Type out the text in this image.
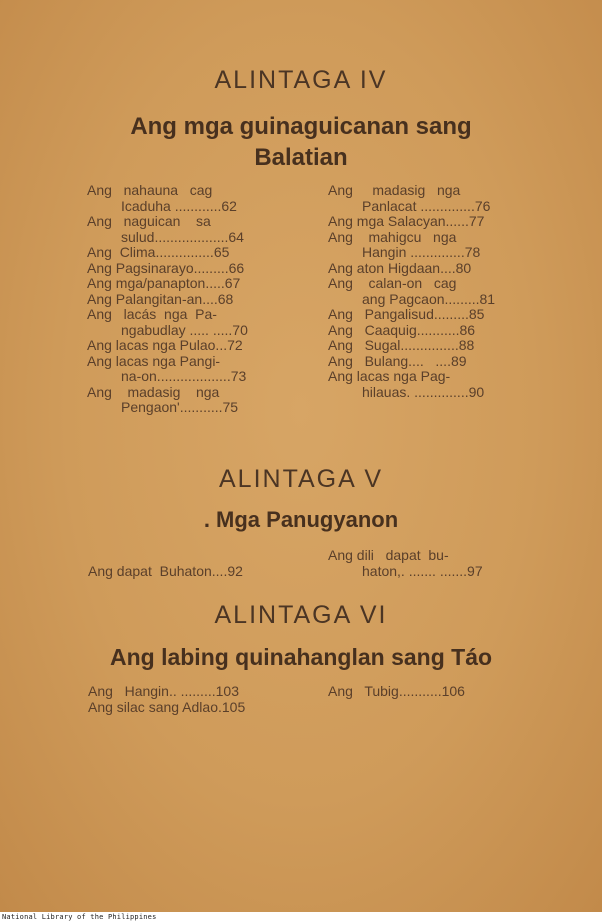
ALINTAGA IV
Ang mga guinaguicanan sang
Balatian
Ang   nahauna   cag
Icaduha ............62
Ang   naguican    sa
sulud...................64
Ang  Clima...............65
Ang Pagsinarayo.........66
Ang mga/panapton.....67
Ang Palangitan-an....68
Ang   lacás  nga  Pa-
ngabudlay ..... .....70
Ang lacas nga Pulao...72
Ang lacas nga Pangi-
na-on...................73
Ang    madasig    nga
Pengaon'...........75
Ang     madasig   nga
Panlacat ..............76
Ang mga Salacyan......77
Ang    mahigcu   nga
Hangin ..............78
Ang aton Higdaan....80
Ang    calan-on   cag
ang Pagcaon.........81
Ang   Pangalisud.........85
Ang   Caaquig...........86
Ang   Sugal...............88
Ang   Bulang....   ....89
Ang lacas nga Pag-
hilauas. ..............90
ALINTAGA V
. Mga Panugyanon
Ang dapat  Buhaton....92
Ang dili   dapat  bu-
haton,. ....... .......97
ALINTAGA VI
Ang labing quinahanglan sang Táo
Ang   Hangin.. .........103
Ang silac sang Adlao.105
Ang   Tubig...........106
National Library of the Philippines
